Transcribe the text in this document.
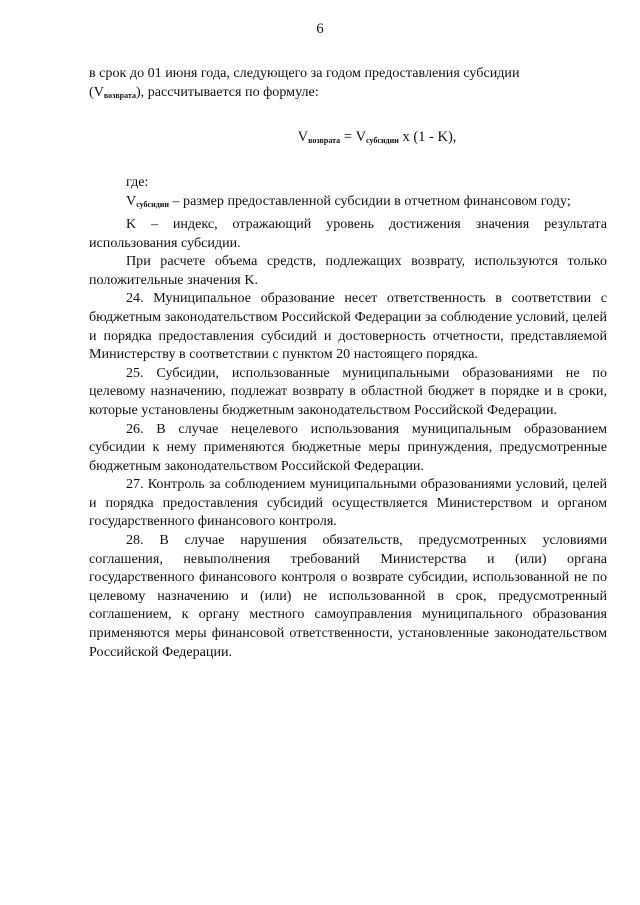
6

в срок до 01 июня года, следующего за годом предоставления субсидии
$(V_{возврата})$, рассчитывается по формуле:

$V_{возврата} = V_{субсидии}$ x (1 - K),

где:

$V_{субсидии}$ – размер предоставленной субсидии в отчетном финансовом году;

K – индекс, отражающий уровень достижения значения результата использования субсидии.

При расчете объема средств, подлежащих возврату, используются только положительные значения K.

24. Муниципальное образование несет ответственность в соответствии с бюджетным законодательством Российской Федерации за соблюдение условий, целей и порядка предоставления субсидий и достоверность отчетности, представляемой Министерству в соответствии с пунктом 20 настоящего порядка.

25. Субсидии, использованные муниципальными образованиями не по целевому назначению, подлежат возврату в областной бюджет в порядке и в сроки, которые установлены бюджетным законодательством Российской Федерации.

26. В случае нецелевого использования муниципальным образованием субсидии к нему применяются бюджетные меры принуждения, предусмотренные бюджетным законодательством Российской Федерации.

27. Контроль за соблюдением муниципальными образованиями условий, целей и порядка предоставления субсидий осуществляется Министерством и органом государственного финансового контроля.

28. В случае нарушения обязательств, предусмотренных условиями соглашения, невыполнения требований Министерства и (или) органа государственного финансового контроля о возврате субсидии, использованной не по целевому назначению и (или) не использованной в срок, предусмотренный соглашением, к органу местного самоуправления муниципального образования применяются меры финансовой ответственности, установленные законодательством Российской Федерации.
